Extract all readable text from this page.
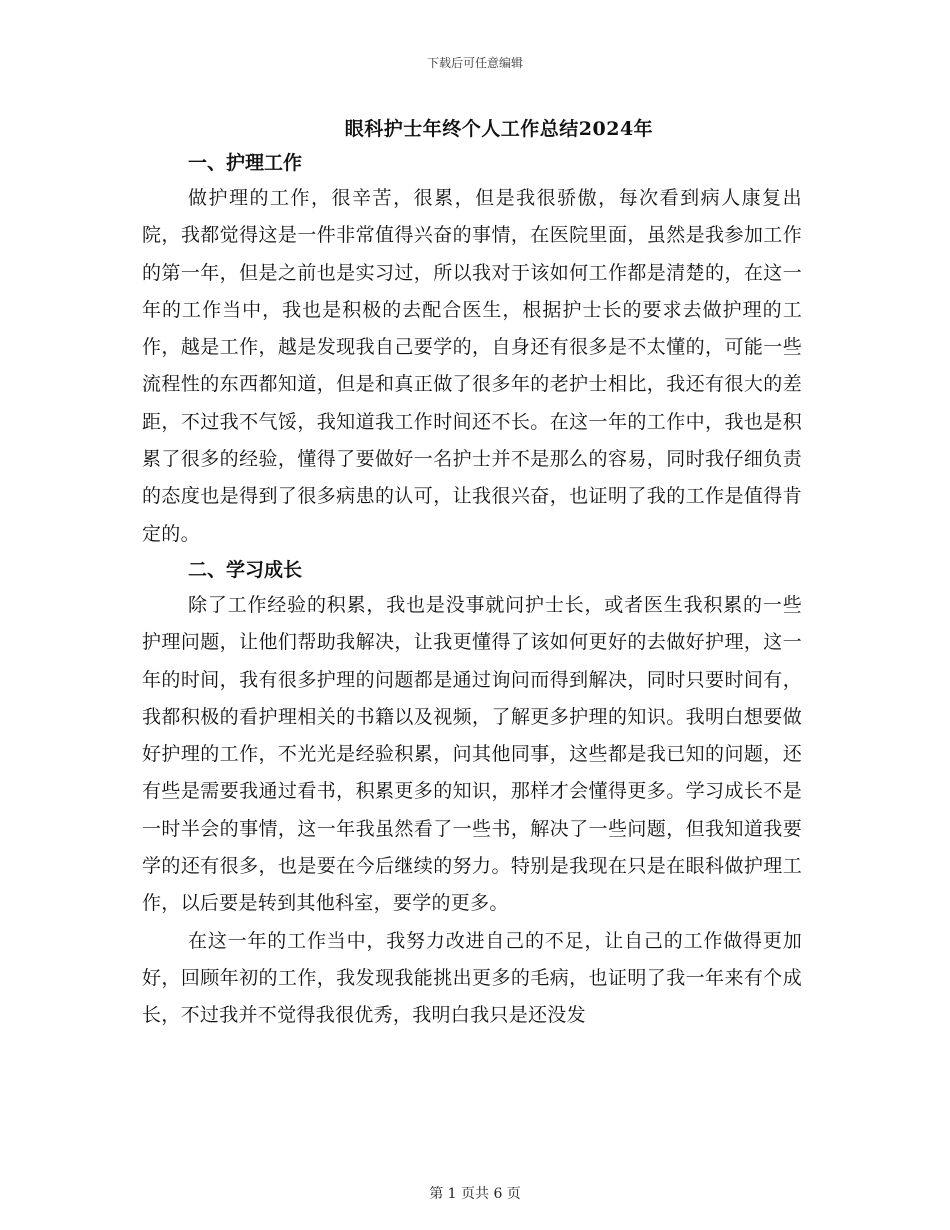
下载后可任意编辑
眼科护士年终个人工作总结2024年
一、护理工作

做护理的工作，很辛苦，很累，但是我很骄傲，每次看到病人康复出院，我都觉得这是一件非常值得兴奋的事情，在医院里面，虽然是我参加工作的第一年，但是之前也是实习过，所以我对于该如何工作都是清楚的，在这一年的工作当中，我也是积极的去配合医生，根据护士长的要求去做护理的工作，越是工作，越是发现我自己要学的，自身还有很多是不太懂的，可能一些流程性的东西都知道，但是和真正做了很多年的老护士相比，我还有很大的差距，不过我不气馁，我知道我工作时间还不长。在这一年的工作中，我也是积累了很多的经验，懂得了要做好一名护士并不是那么的容易，同时我仔细负责的态度也是得到了很多病患的认可，让我很兴奋，也证明了我的工作是值得肯定的。

二、学习成长

除了工作经验的积累，我也是没事就问护士长，或者医生我积累的一些护理问题，让他们帮助我解决，让我更懂得了该如何更好的去做好护理，这一年的时间，我有很多护理的问题都是通过询问而得到解决，同时只要时间有，我都积极的看护理相关的书籍以及视频，了解更多护理的知识。我明白想要做好护理的工作，不光光是经验积累，问其他同事，这些都是我已知的问题，还有些是需要我通过看书，积累更多的知识，那样才会懂得更多。学习成长不是一时半会的事情，这一年我虽然看了一些书，解决了一些问题，但我知道我要学的还有很多，也是要在今后继续的努力。特别是我现在只是在眼科做护理工作，以后要是转到其他科室，要学的更多。

在这一年的工作当中，我努力改进自己的不足，让自己的工作做得更加好，回顾年初的工作，我发现我能挑出更多的毛病，也证明了我一年来有个成长，不过我并不觉得我很优秀，我明白我只是还没发

第 1 页共 6 页
